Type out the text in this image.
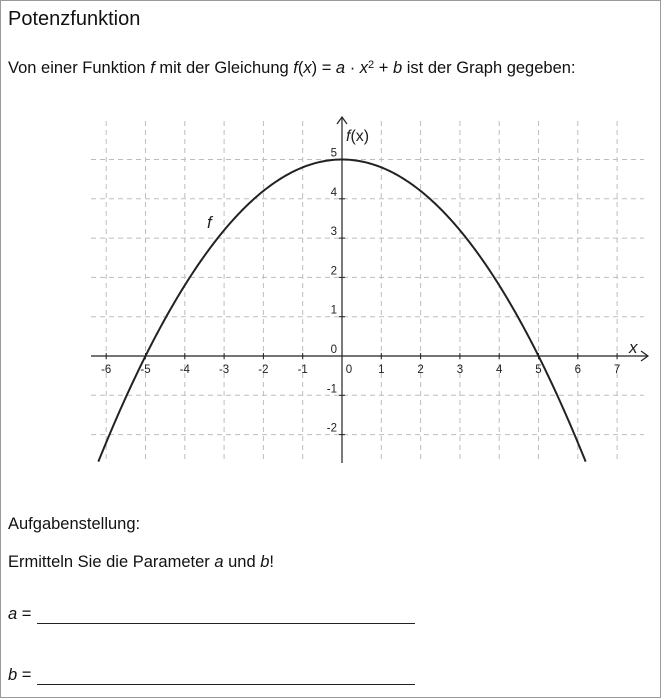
Potenzfunktion
Von einer Funktion f mit der Gleichung $f(x) = a \cdot x^2 + b$ ist der Graph gegeben:
-6	-5	-4	-3	-2	-1	0 1	2	3	4	5	6	7
5
4
3
2
1
0
-1
-2
f
f(x)
x
Aufgabenstellung:
Ermitteln Sie die Parameter a und b!
a =
b =
